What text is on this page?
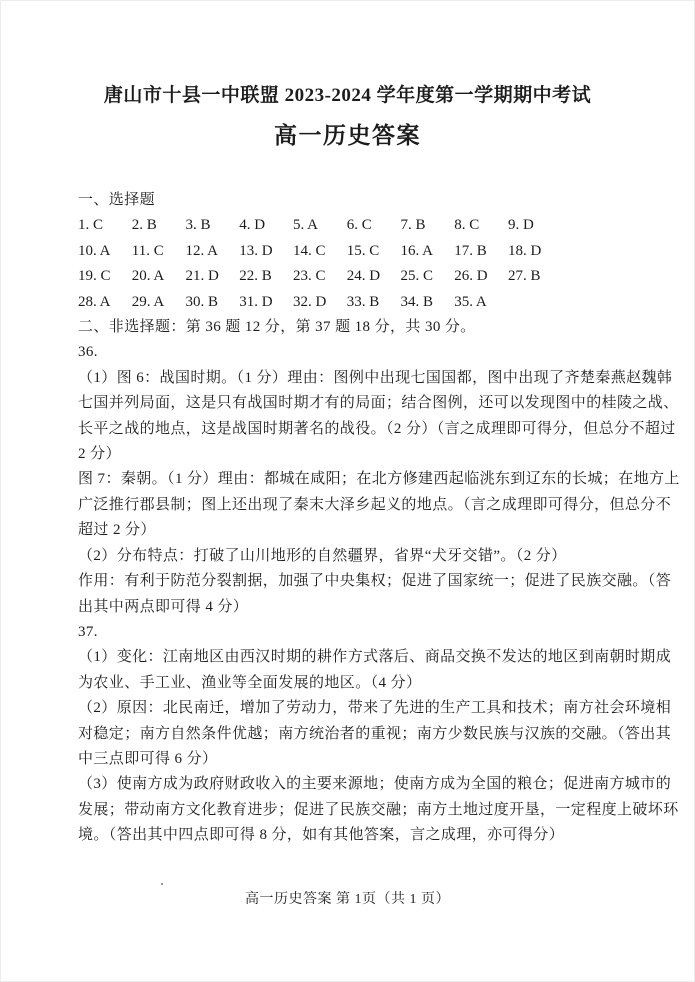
唐山市十县一中联盟 2023-2024 学年度第一学期期中考试
高一历史答案
一、选择题
1. C 2. B 3. B 4. D 5. A 6. C 7. B 8. C 9. D 10. A 11. C 12. A 13. D 14. C 15. C 16. A 17. B 18. D 19. C 20. A 21. D 22. B 23. C 24. D 25. C 26. D 27. B 28. A 29. A 30. B 31. D 32. D 33. B 34. B 35. A
二、非选择题：第 36 题 12 分，第 37 题 18 分，共 30 分。
36.
（1）图 6：战国时期。（1 分）理由：图例中出现七国国都，图中出现了齐楚秦燕赵魏韩
七国并列局面，这是只有战国时期才有的局面；结合图例，还可以发现图中的桂陵之战、
长平之战的地点，这是战国时期著名的战役。（2 分）（言之成理即可得分，但总分不超过
2 分）
图 7：秦朝。（1 分）理由：都城在咸阳；在北方修建西起临洮东到辽东的长城；在地方上
广泛推行郡县制；图上还出现了秦末大泽乡起义的地点。（言之成理即可得分，但总分不
超过 2 分）
（2）分布特点：打破了山川地形的自然疆界，省界“犬牙交错”。（2 分）
作用：有利于防范分裂割据，加强了中央集权；促进了国家统一；促进了民族交融。（答
出其中两点即可得 4 分）
37.
（1）变化：江南地区由西汉时期的耕作方式落后、商品交换不发达的地区到南朝时期成
为农业、手工业、渔业等全面发展的地区。（4 分）
（2）原因：北民南迁，增加了劳动力，带来了先进的生产工具和技术；南方社会环境相
对稳定；南方自然条件优越；南方统治者的重视；南方少数民族与汉族的交融。（答出其
中三点即可得 6 分）
（3）使南方成为政府财政收入的主要来源地；使南方成为全国的粮仓；促进南方城市的
发展；带动南方文化教育进步；促进了民族交融；南方土地过度开垦，一定程度上破坏环
境。（答出其中四点即可得 8 分，如有其他答案，言之成理，亦可得分）
高一历史答案 第 1页（共 1 页）
